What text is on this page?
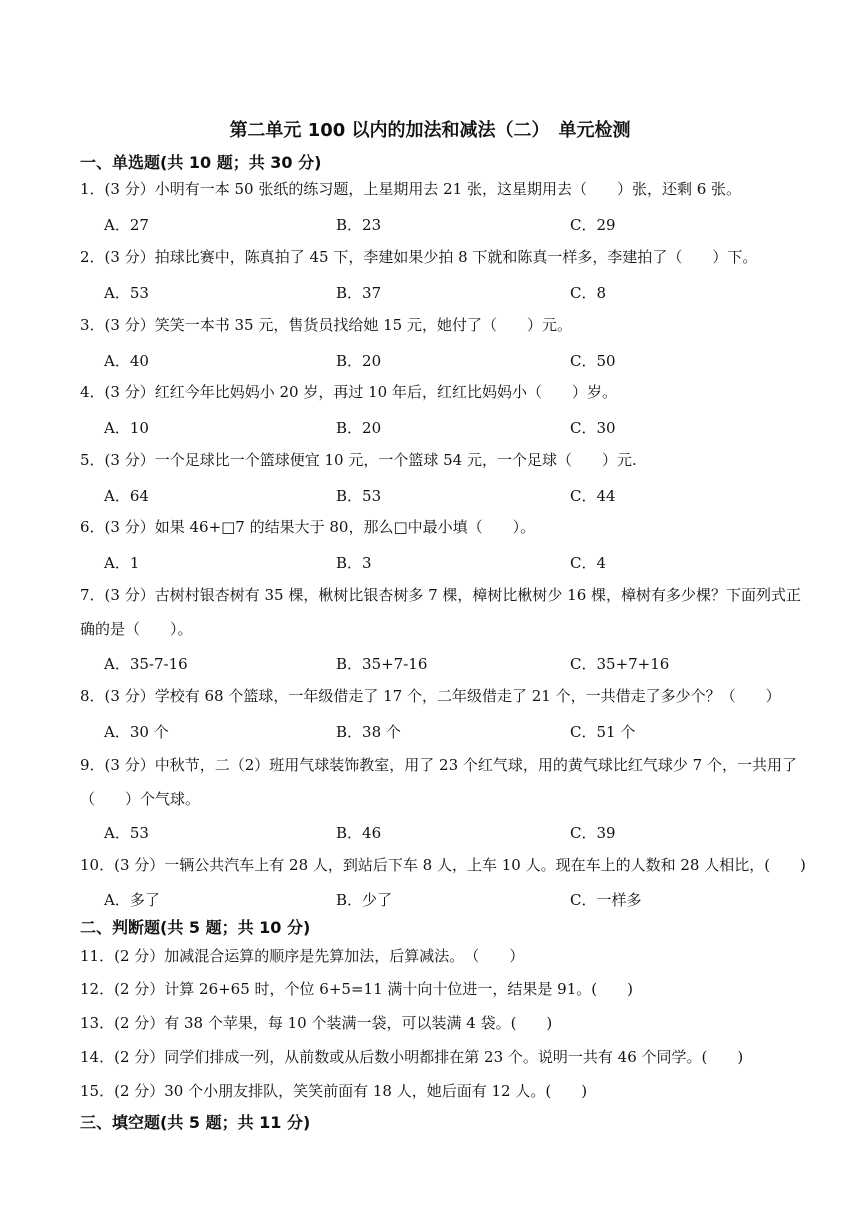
第二单元 100 以内的加法和减法（二）　单元检测
一、单选题(共 10 题；共 30 分)
1．(3 分）小明有一本 50 张纸的练习题，上星期用去 21 张，这星期用去（　　）张，还剩 6 张。
A．27	B．23	C．29
2．(3 分）拍球比赛中，陈真拍了 45 下，李建如果少拍 8 下就和陈真一样多，李建拍了（　　）下。
A．53	B．37	C．8
3．(3 分）笑笑一本书 35 元，售货员找给她 15 元，她付了（　　）元。
A．40	B．20	C．50
4．(3 分）红红今年比妈妈小 20 岁，再过 10 年后，红红比妈妈小（　　）岁。
A．10	B．20	C．30
5．(3 分）一个足球比一个篮球便宜 10 元，一个篮球 54 元，一个足球（　　）元.
A．64	B．53	C．44
6．(3 分）如果 46+□7 的结果大于 80，那么□中最小填（　　）。
A．1	B．3	C．4
7．(3 分）古树村银杏树有 35 棵，楸树比银杏树多 7 棵，樟树比楸树少 16 棵，樟树有多少棵？下面列式正确的是（　　）。
A．35-7-16	B．35+7-16	C．35+7+16
8．(3 分）学校有 68 个篮球，一年级借走了 17 个，二年级借走了 21 个，一共借走了多少个？（　　）
A．30 个	B．38 个	C．51 个
9．(3 分）中秋节，二（2）班用气球装饰教室，用了 23 个红气球，用的黄气球比红气球少 7 个，一共用了（　　）个气球。
A．53	B．46	C．39
10．(3 分）一辆公共汽车上有 28 人，到站后下车 8 人，上车 10 人。现在车上的人数和 28 人相比，(　　)
A．多了	B．少了	C．一样多
二、判断题(共 5 题；共 10 分)
11．(2 分）加减混合运算的顺序是先算加法，后算减法。　（　　）
12．(2 分）计算 26+65 时，个位 6+5=11 满十向十位进一，结果是 91。(　　)
13．(2 分）有 38 个苹果，每 10 个装满一袋，可以装满 4 袋。(　　)
14．(2 分）同学们排成一列，从前数或从后数小明都排在第 23 个。说明一共有 46 个同学。(　　)
15．(2 分）30 个小朋友排队，笑笑前面有 18 人，她后面有 12 人。(　　)
三、填空题(共 5 题；共 11 分)
